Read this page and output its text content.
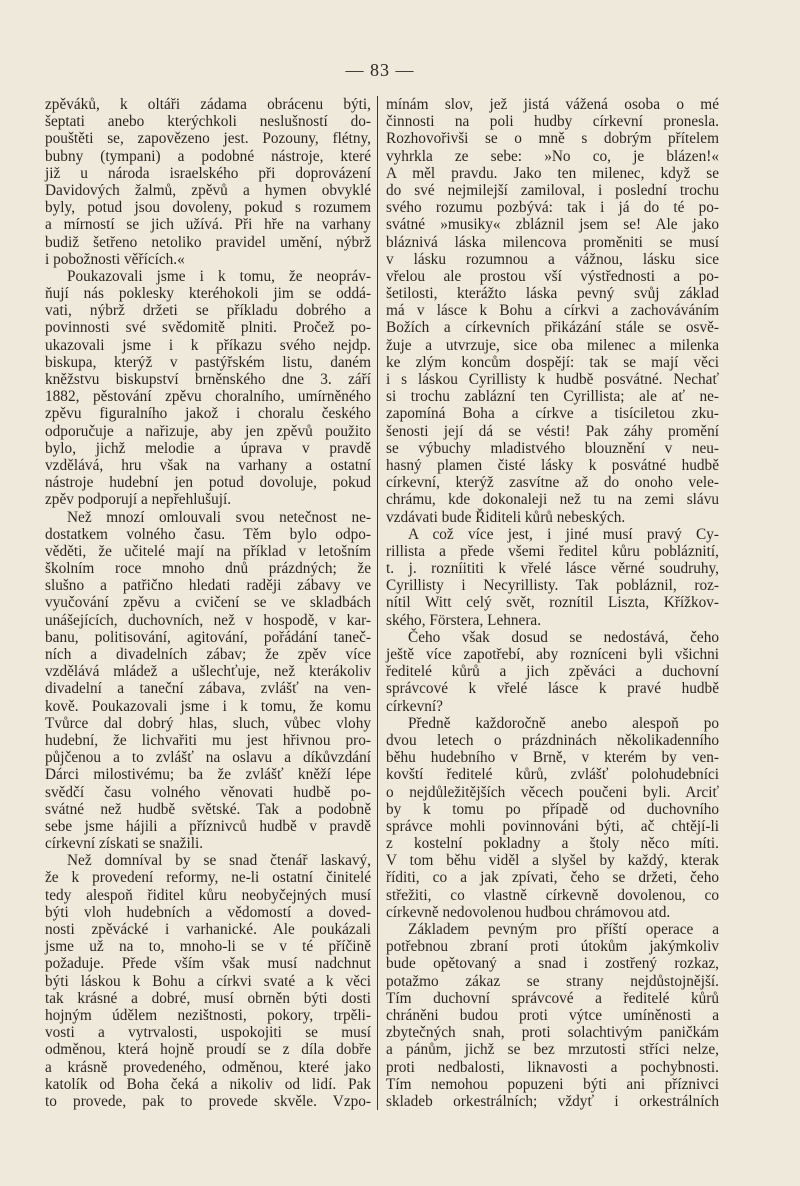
— 83 —
zpěváků, k oltáři zádama obrácenu býti,
šeptati anebo kterýchkoli neslušností do-
pouštěti se, zapovězeno jest. Pozouny, flétny,
bubny (tympani) a podobné nástroje, které
již u národa israelského při doprovázení
Davidových žalmů, zpěvů a hymen obvyklé
byly, potud jsou dovoleny, pokud s rozumem
a mírností se jich užívá. Při hře na varhany
budiž šetřeno netoliko pravidel umění, nýbrž
i pobožnosti věřících.«
Poukazovali jsme i k tomu, že neopráv-
ňují nás poklesky kteréhokoli jim se oddá-
vati, nýbrž držeti se příkladu dobrého a
povinnosti své svědomitě plniti. Pročež po-
ukazovali jsme i k příkazu svého nejdp.
biskupa, kterýž v pastýřském listu, daném
kněžstvu biskupství brněnského dne 3. září
1882, pěstování zpěvu choralního, umírněného
zpěvu figuralního jakož i choralu českého
odporučuje a nařizuje, aby jen zpěvů použito
bylo, jichž melodie a úprava v pravdě
vzdělává, hru však na varhany a ostatní
nástroje hudební jen potud dovoluje, pokud
zpěv podporují a nepřehlušují.
Než mnozí omlouvali svou netečnost ne-
dostatkem volného času. Těm bylo odpo-
věděti, že učitelé mají na příklad v letošním
školním roce mnoho dnů prázdných; že
slušno a patřično hledati raději zábavy ve
vyučování zpěvu a cvičení se ve skladbách
unášejících, duchovních, než v hospodě, v kar-
banu, politisování, agitování, pořádání taneč-
ních a divadelních zábav; že zpěv více
vzdělává mládež a ušlechťuje, než kterákoliv
divadelní a taneční zábava, zvlášť na ven-
kově. Poukazovali jsme i k tomu, že komu
Tvůrce dal dobrý hlas, sluch, vůbec vlohy
hudební, že lichvařiti mu jest hřivnou pro-
půjčenou a to zvlášť na oslavu a díkůvzdání
Dárci milostivému; ba že zvlášť kněží lépe
svědčí času volného věnovati hudbě po-
svátné než hudbě světské. Tak a podobně
sebe jsme hájili a příznivců hudbě v pravdě
církevní získati se snažili.
Než domníval by se snad čtenář laskavý,
že k provedení reformy, ne-li ostatní činitelé
tedy alespoň řiditel kůru neobyčejných musí
býti vloh hudebních a vědomostí a doved-
nosti zpěvácké i varhanické. Ale poukázali
jsme už na to, mnoho-li se v té příčině
požaduje. Přede vším však musí nadchnut
býti láskou k Bohu a církvi svaté a k věci
tak krásné a dobré, musí obrněn býti dosti
hojným údělem nezištnosti, pokory, trpěli-
vosti a vytrvalosti, uspokojiti se musí
odměnou, která hojně proudí se z díla dobře
a krásně provedeného, odměnou, které jako
katolík od Boha čeká a nikoliv od lidí. Pak
to provede, pak to provede skvěle. Vzpo-
mínám slov, jež jistá vážená osoba o mé
činnosti na poli hudby církevní pronesla.
Rozhovořivši se o mně s dobrým přítelem
vyhrkla ze sebe: »No co, je blázen!«
A měl pravdu. Jako ten milenec, když se
do své nejmilejší zamiloval, i poslední trochu
svého rozumu pozbývá: tak i já do té po-
svátné »musiky« zbláznil jsem se! Ale jako
bláznivá láska milencova proměniti se musí
v lásku rozumnou a vážnou, lásku sice
vřelou ale prostou vší výstřednosti a po-
šetilosti, kterážto láska pevný svůj základ
má v lásce k Bohu a církvi a zachováváním
Božích a církevních přikázání stále se osvě-
žuje a utvrzuje, sice oba milenec a milenka
ke zlým koncům dospějí: tak se mají věci
i s láskou Cyrillisty k hudbě posvátné. Nechať
si trochu zablázní ten Cyrillista; ale ať ne-
zapomíná Boha a církve a tisíciletou zku-
šenosti její dá se vésti! Pak záhy promění
se výbuchy mladistvého blouznění v neu-
hasný plamen čisté lásky k posvátné hudbě
církevní, kterýž zasvítne až do onoho vele-
chrámu, kde dokonaleji než tu na zemi slávu
vzdávati bude Řiditeli kůrů nebeských.
A což více jest, i jiné musí pravý Cy-
rillista a přede všemi ředitel kůru pobláznití,
t. j. rozníititi k vřelé lásce věrné soudruhy,
Cyrillisty i Necyrillisty. Tak pobláznil, roz-
nítil Witt celý svět, roznítil Liszta, Křížkov-
ského, Förstera, Lehnera.
Čeho však dosud se nedostává, čeho
ještě více zapotřebí, aby rozníceni byli všichni
ředitelé kůrů a jich zpěváci a duchovní
správcové k vřelé lásce k pravé hudbě
církevní?
Předně každoročně anebo alespoň po
dvou letech o prázdninách několikadenního
běhu hudebního v Brně, v kterém by ven-
kovští ředitelé kůrů, zvlášť polohudebníci
o nejdůležitějších věcech poučeni byli. Arciť
by k tomu po případě od duchovního
správce mohli povinnováni býti, ač chtějí-li
z kostelní pokladny a štoly něco míti.
V tom běhu viděl a slyšel by každý, kterak
říditi, co a jak zpívati, čeho se držeti, čeho
střežiti, co vlastně církevně dovolenou, co
církevně nedovolenou hudbou chrámovou atd.
Základem pevným pro příští operace a
potřebnou zbraní proti útokům jakýmkoliv
bude opětovaný a snad i zostřený rozkaz,
potažmo zákaz se strany nejdůstojnější.
Tím duchovní správcové a ředitelé kůrů
chráněni budou proti výtce umíněnosti a
zbytečných snah, proti solachtivým paničkám
a pánům, jichž se bez mrzutosti stříci nelze,
proti nedbalosti, liknavosti a pochybnosti.
Tím nemohou popuzeni býti ani příznivci
skladeb orkestrálních; vždyť i orkestrálních
